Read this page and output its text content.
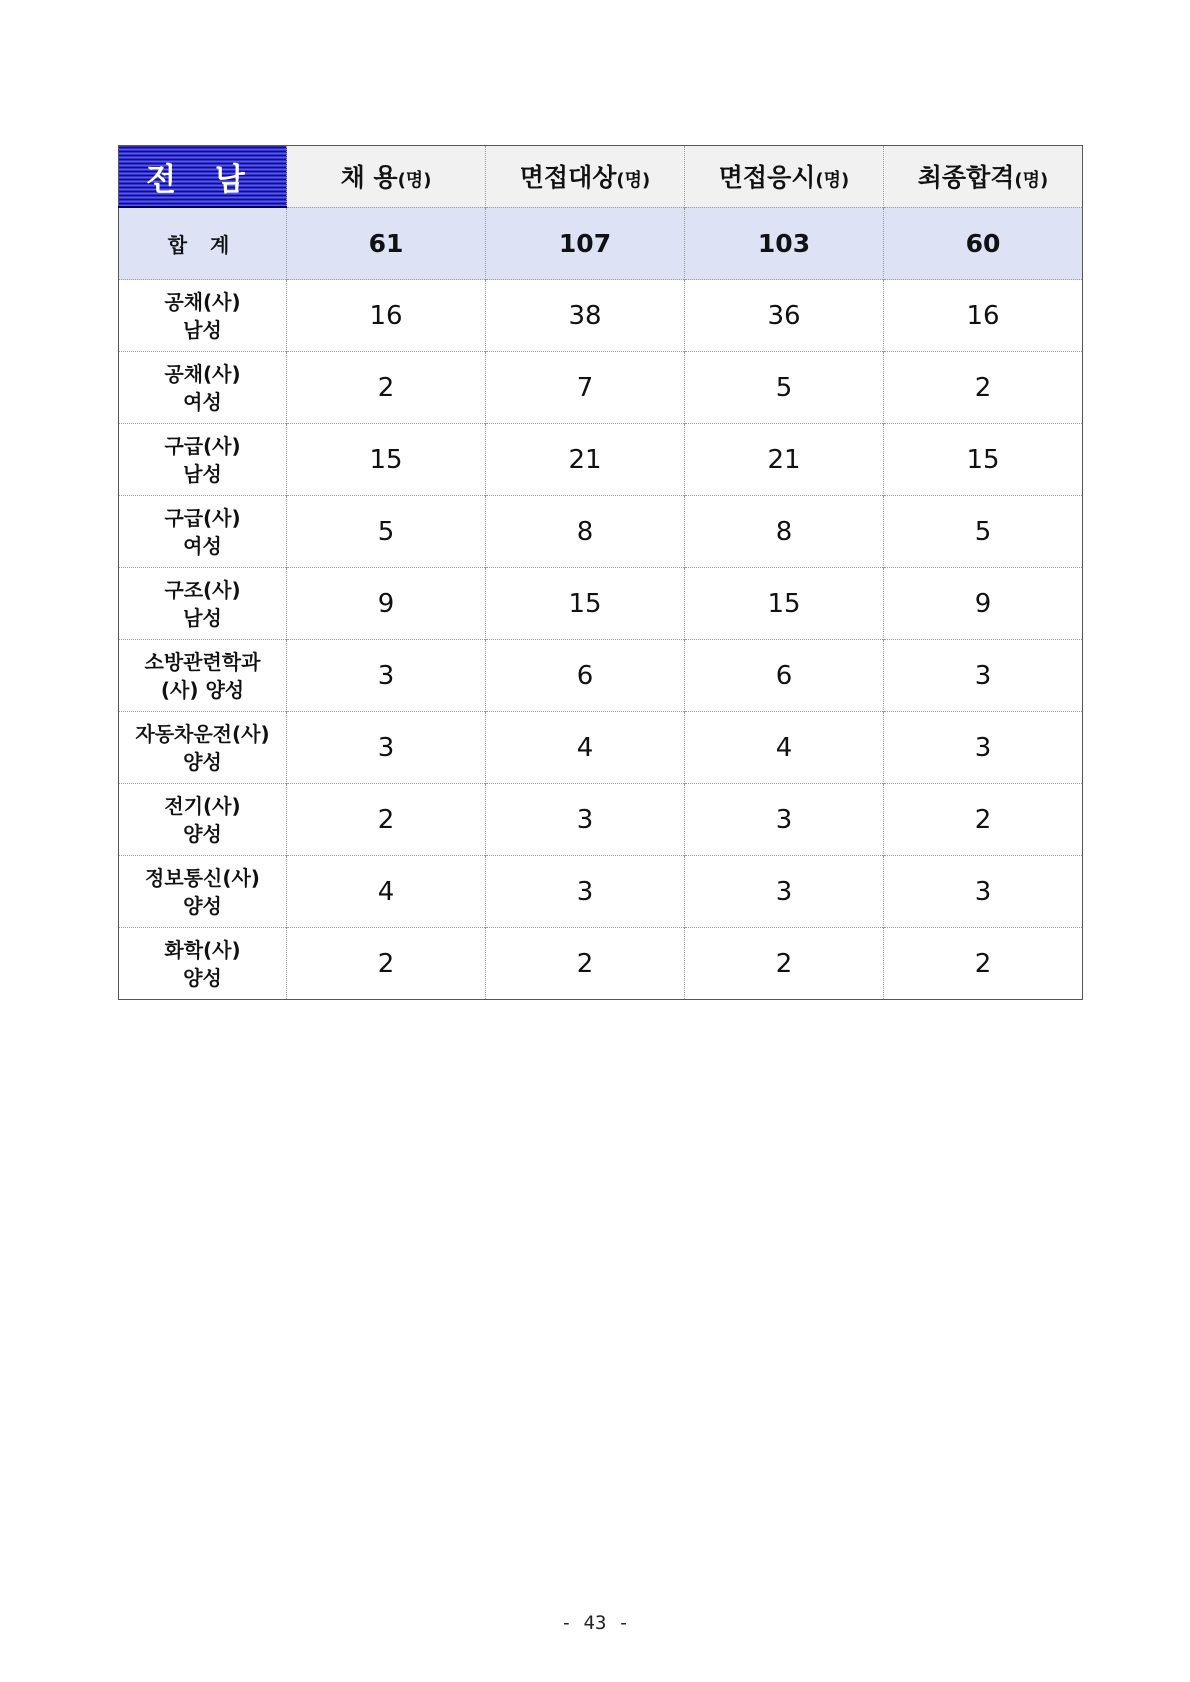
전 남	채 용(명)	면접대상(명)	면접응시(명)	최종합격(명)
합 계	61	107	103	60

공채(사)
남성	16	38	36	16

공채(사)
여성	2	7	5	2

구급(사)
남성	15	21	21	15

구급(사)
여성	5	8	8	5

구조(사)
남성	9	15	15	9

소방관련학과
(사) 양성	3	6	6	3

자동차운전(사)
양성	3	4	4	3

전기(사)
양성	2	3	3	2

정보통신(사)
양성	4	3	3	3

화학(사)
양성	2	2	2	2
- 43 -
